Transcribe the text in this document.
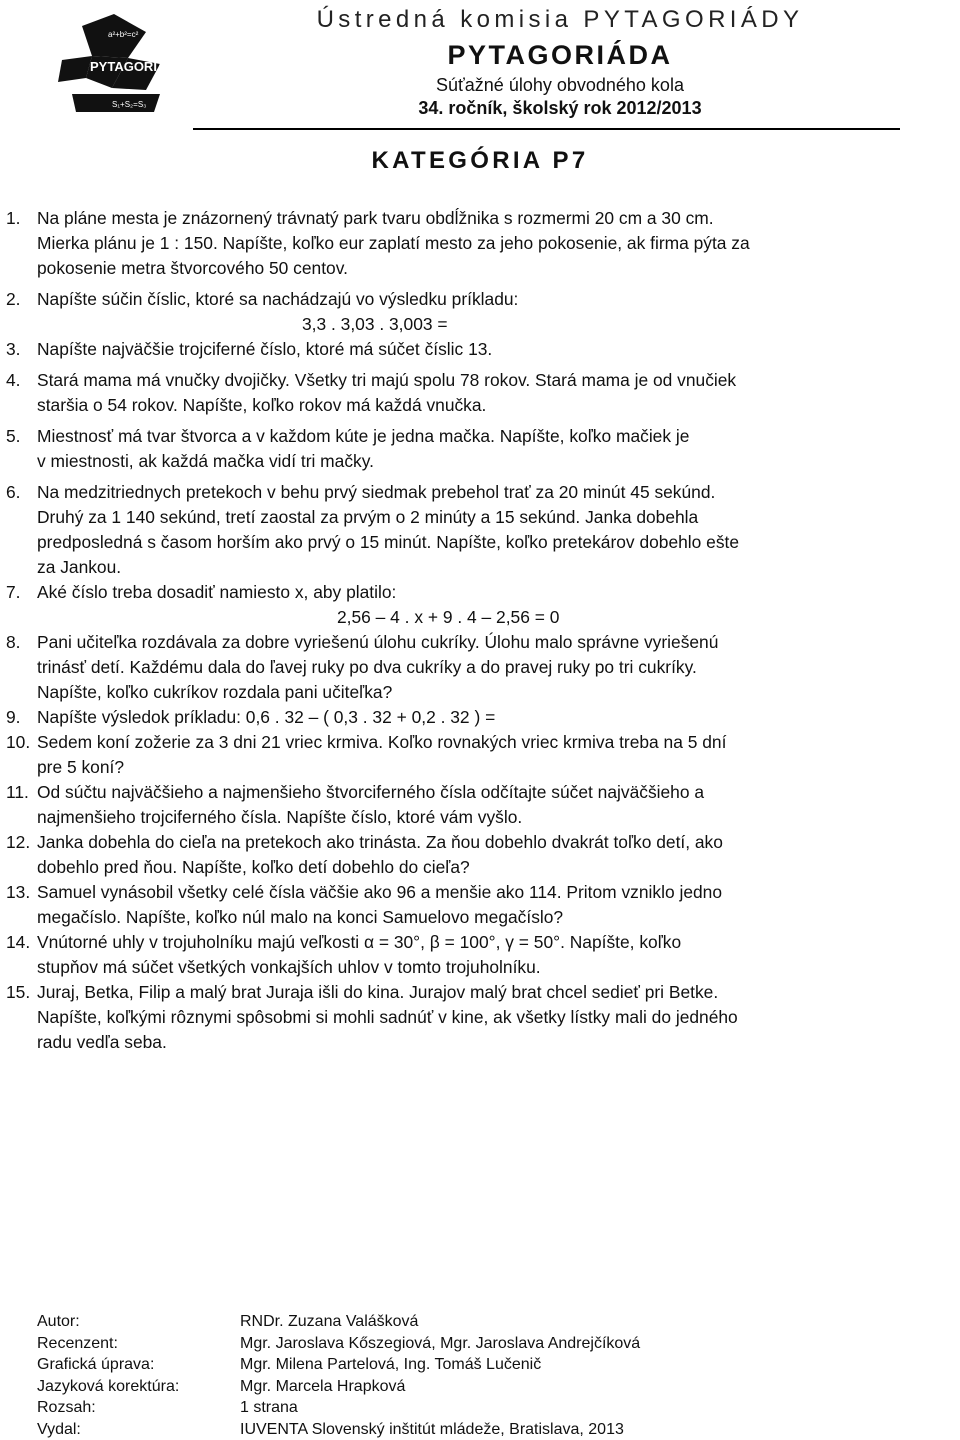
a²+b²=c²
PYTAGORIÁDA
S₁+S₂=S₃
Ústredná komisia PYTAGORIÁDY
PYTAGORIÁDA
Súťažné úlohy obvodného kola
34. ročník, školský rok 2012/2013
KATEGÓRIA P7
1. Na pláne mesta je znázornený trávnatý park tvaru obdĺžnika s rozmermi 20 cm a 30 cm.

Mierka plánu je 1 : 150. Napíšte, koľko eur zaplatí mesto za jeho pokosenie, ak firma pýta za

pokosenie metra štvorcového 50 centov.

2. Napíšte súčin číslic, ktoré sa nachádzajú vo výsledku príkladu:

3,3 . 3,03 . 3,003 =

3. Napíšte najväčšie trojciferné číslo, ktoré má súčet číslic 13.

4. Stará mama má vnučky dvojičky. Všetky tri majú spolu 78 rokov. Stará mama je od vnučiek

staršia o 54 rokov. Napíšte, koľko rokov má každá vnučka.

5. Miestnosť má tvar štvorca a v každom kúte je jedna mačka. Napíšte, koľko mačiek je

v miestnosti, ak každá mačka vidí tri mačky.

6. Na medzitriednych pretekoch v behu prvý siedmak prebehol trať za 20 minút 45 sekúnd.

Druhý za 1 140 sekúnd, tretí zaostal za prvým o 2 minúty a 15 sekúnd. Janka dobehla

predposledná s časom horším ako prvý o 15 minút. Napíšte, koľko pretekárov dobehlo ešte

za Jankou.

7. Aké číslo treba dosadiť namiesto x, aby platilo:

2,56 – 4 . x + 9 . 4 – 2,56 = 0

8. Pani učiteľka rozdávala za dobre vyriešenú úlohu cukríky. Úlohu malo správne vyriešenú

trinásť detí. Každému dala do ľavej ruky po dva cukríky a do pravej ruky po tri cukríky.

Napíšte, koľko cukríkov rozdala pani učiteľka?

9. Napíšte výsledok príkladu: 0,6 . 32 – ( 0,3 . 32 + 0,2 . 32 ) =

10. Sedem koní zožerie za 3 dni 21 vriec krmiva. Koľko rovnakých vriec krmiva treba na 5 dní

pre 5 koní?

11. Od súčtu najväčšieho a najmenšieho štvorciferného čísla odčítajte súčet najväčšieho a

najmenšieho trojciferného čísla. Napíšte číslo, ktoré vám vyšlo.

12. Janka dobehla do cieľa na pretekoch ako trinásta. Za ňou dobehlo dvakrát toľko detí, ako

dobehlo pred ňou. Napíšte, koľko detí dobehlo do cieľa?

13. Samuel vynásobil všetky celé čísla väčšie ako 96 a menšie ako 114. Pritom vzniklo jedno

megačíslo. Napíšte, koľko núl malo na konci Samuelovo megačíslo?

14. Vnútorné uhly v trojuholníku majú veľkosti α = 30°, β = 100°, γ = 50°. Napíšte, koľko

stupňov má súčet všetkých vonkajších uhlov v tomto trojuholníku.

15. Juraj, Betka, Filip a malý brat Juraja išli do kina. Jurajov malý brat chcel sedieť pri Betke.

Napíšte, koľkými rôznymi spôsobmi si mohli sadnúť v kine, ak všetky lístky mali do jedného

radu vedľa seba.

Autor:	RNDr. Zuzana Valášková
Recenzent:	Mgr. Jaroslava Kőszegiová, Mgr. Jaroslava Andrejčíková
Grafická úprava:	Mgr. Milena Partelová, Ing. Tomáš Lučenič
Jazyková korektúra:	Mgr. Marcela Hrapková
Rozsah:	1 strana
Vydal:	IUVENTA Slovenský inštitút mládeže, Bratislava, 2013
